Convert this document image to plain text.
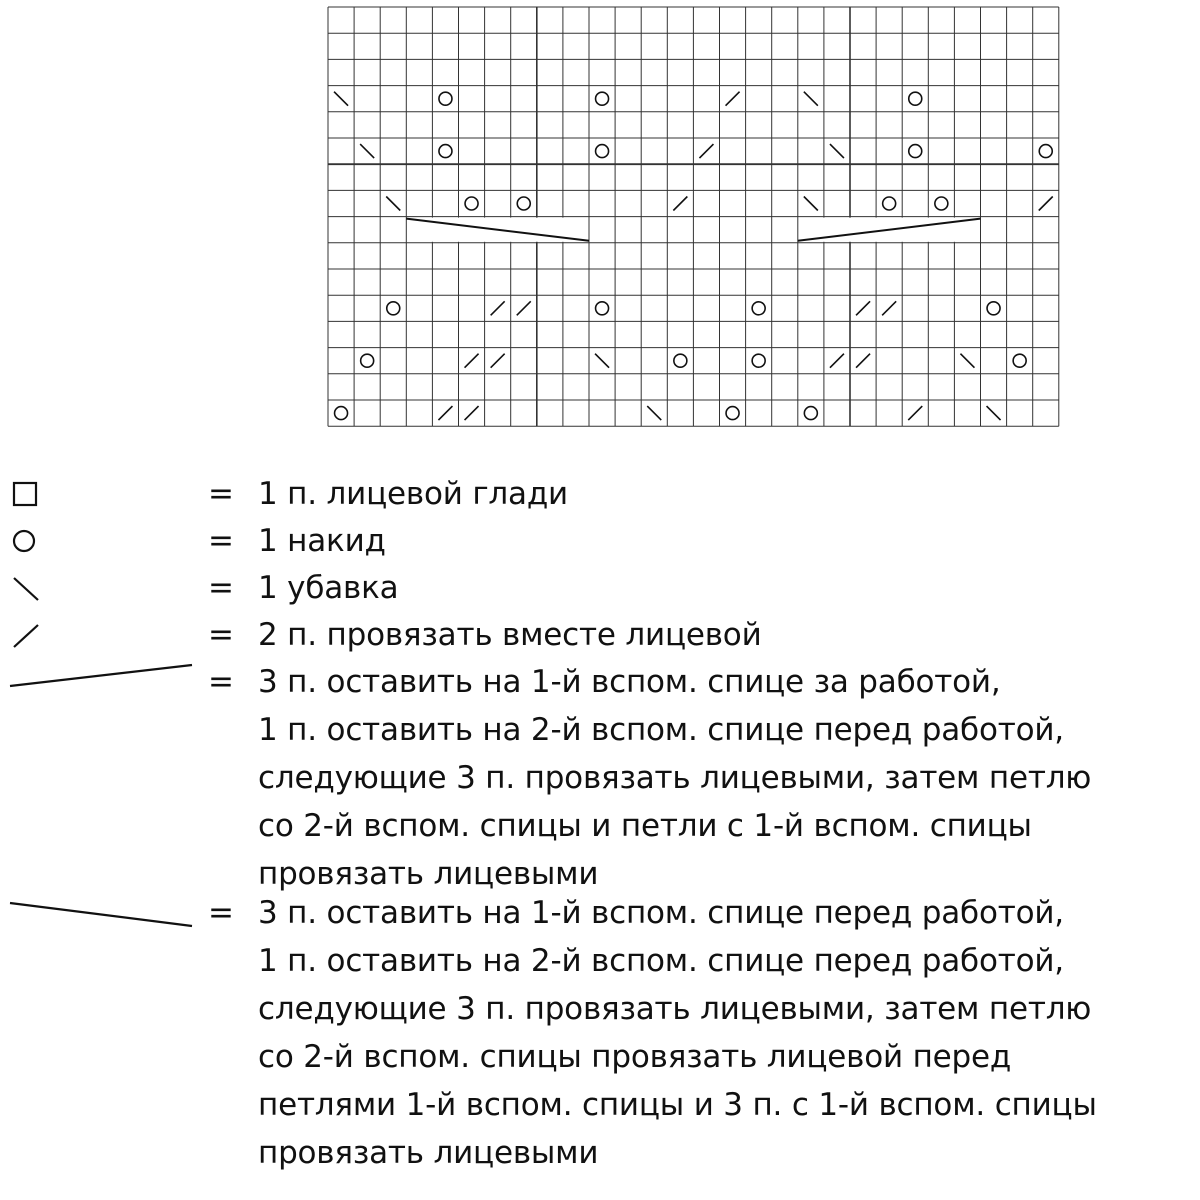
= 1 п. лицевой глади
= 1 накид
= 1 убавка
= 2 п. провязать вместе лицевой
= 3 п. оставить на 1-й вспом. спице за работой,
1 п. оставить на 2-й вспом. спице перед работой,
следующие 3 п. провязать лицевыми, затем петлю
со 2-й вспом. спицы и петли с 1-й вспом. спицы
провязать лицевыми
= 3 п. оставить на 1-й вспом. спице перед работой,
1 п. оставить на 2-й вспом. спице перед работой,
следующие 3 п. провязать лицевыми, затем петлю
со 2-й вспом. спицы провязать лицевой перед
петлями 1-й вспом. спицы и 3 п. с 1-й вспом. спицы
провязать лицевыми
